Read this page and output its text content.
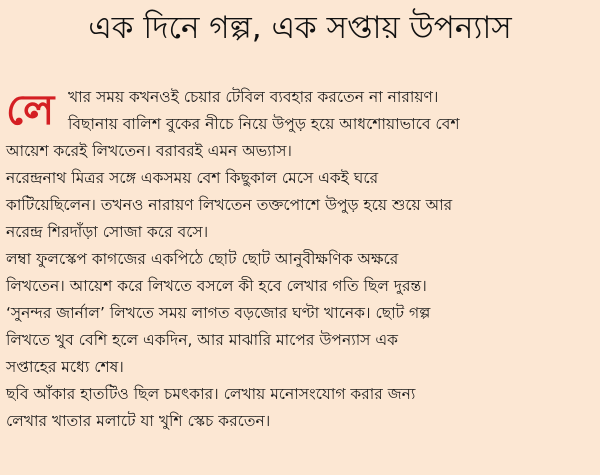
এক দিনে গল্প, এক সপ্তায় উপন্যাস
লে খার সময় কখনওই চেয়ার টেবিল ব্যবহার করতেন না নারায়ণ।
বিছানায় বালিশ বুকের নীচে নিয়ে উপুড় হয়ে আধশোয়াভাবে বেশ
আয়েশ করেই লিখতেন। বরাবরই এমন অভ্যাস।
নরেন্দ্রনাথ মিত্রর সঙ্গে একসময় বেশ কিছুকাল মেসে একই ঘরে
কাটিয়েছিলেন। তখনও নারায়ণ লিখতেন তক্তপোশে উপুড় হয়ে শুয়ে আর
নরেন্দ্র শিরদাঁড়া সোজা করে বসে।
লম্বা ফুলস্কেপ কাগজের একপিঠে ছোট ছোট আনুবীক্ষণিক অক্ষরে
লিখতেন। আয়েশ করে লিখতে বসলে কী হবে লেখার গতি ছিল দুরন্ত।
‘সুনন্দর জার্নাল’ লিখতে সময় লাগত বড়জোর ঘণ্টা খানেক। ছোট গল্প
লিখতে খুব বেশি হলে একদিন, আর মাঝারি মাপের উপন্যাস এক
সপ্তাহের মধ্যে শেষ।
ছবি আঁকার হাতটিও ছিল চমৎকার। লেখায় মনোসংযোগ করার জন্য
লেখার খাতার মলাটে যা খুশি স্কেচ করতেন।
